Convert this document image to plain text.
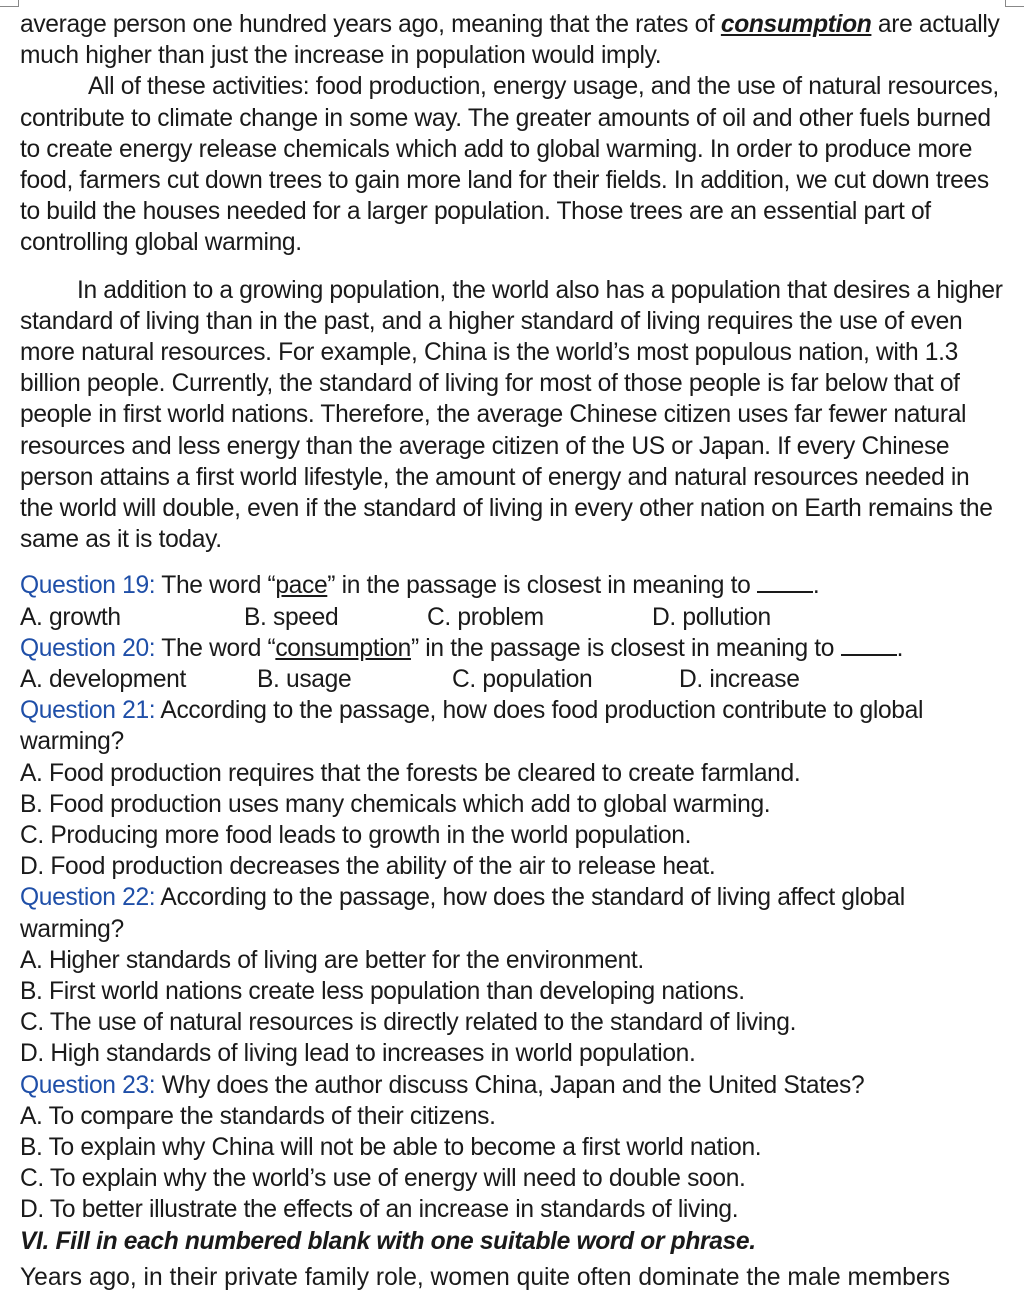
average person one hundred years ago, meaning that the rates of consumption are actually much higher than just the increase in population would imply.

All of these activities: food production, energy usage, and the use of natural resources, contribute to climate change in some way. The greater amounts of oil and other fuels burned to create energy release chemicals which add to global warming. In order to produce more food, farmers cut down trees to gain more land for their fields. In addition, we cut down trees to build the houses needed for a larger population. Those trees are an essential part of controlling global warming.

In addition to a growing population, the world also has a population that desires a higher standard of living than in the past, and a higher standard of living requires the use of even more natural resources. For example, China is the world’s most populous nation, with 1.3 billion people. Currently, the standard of living for most of those people is far below that of people in first world nations. Therefore, the average Chinese citizen uses far fewer natural resources and less energy than the average citizen of the US or Japan. If every Chinese person attains a first world lifestyle, the amount of energy and natural resources needed in the world will double, even if the standard of living in every other nation on Earth remains the same as it is today.

Question 19: The word “pace” in the passage is closest in meaning to .

A. growth	B. speed	C. problem	D. pollution

Question 20: The word “consumption” in the passage is closest in meaning to .

A. development	B. usage	C. population	D. increase

Question 21: According to the passage, how does food production contribute to global warming?

A. Food production requires that the forests be cleared to create farmland.

B. Food production uses many chemicals which add to global warming.

C. Producing more food leads to growth in the world population.

D. Food production decreases the ability of the air to release heat.

Question 22: According to the passage, how does the standard of living affect global warming?

A. Higher standards of living are better for the environment.

B. First world nations create less population than developing nations.

C. The use of natural resources is directly related to the standard of living.

D. High standards of living lead to increases in world population.

Question 23: Why does the author discuss China, Japan and the United States?

A. To compare the standards of their citizens.

B. To explain why China will not be able to become a first world nation.

C. To explain why the world’s use of energy will need to double soon.

D. To better illustrate the effects of an increase in standards of living.

VI. Fill in each numbered blank with one suitable word or phrase.

Years ago, in their private family role, women quite often dominate the male members
